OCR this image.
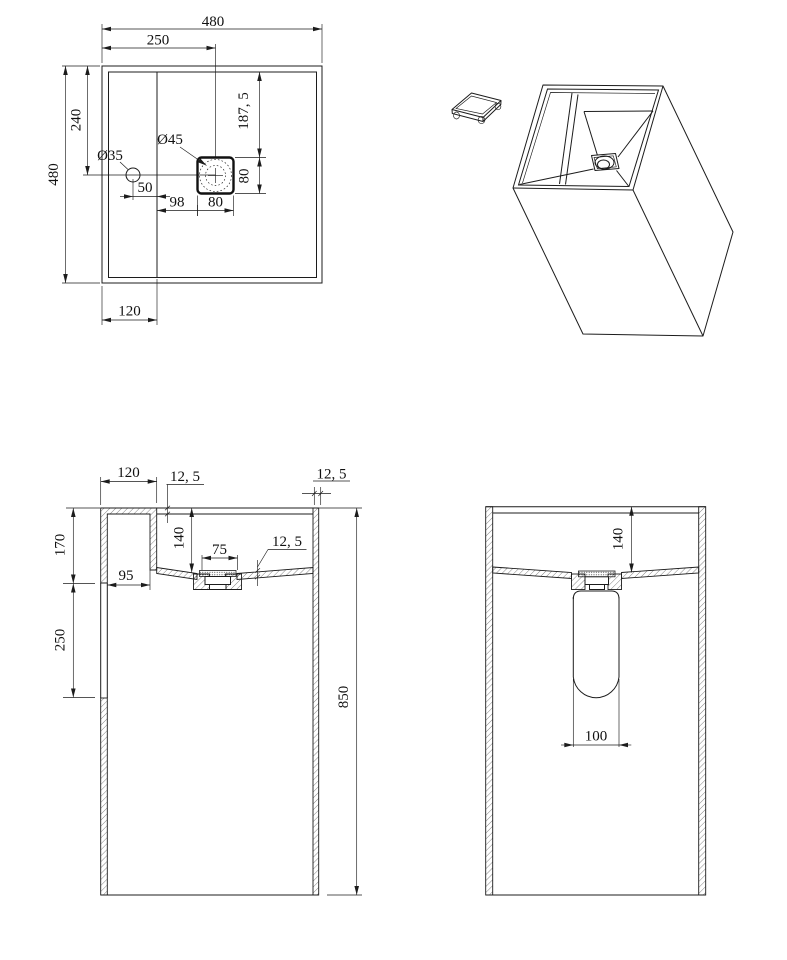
480
250
240
480
187, 5
80
98 80
50
120
Ø35
Ø45
120 12, 5	12, 5
170
250
95
140
75	12, 5
850
140
100
